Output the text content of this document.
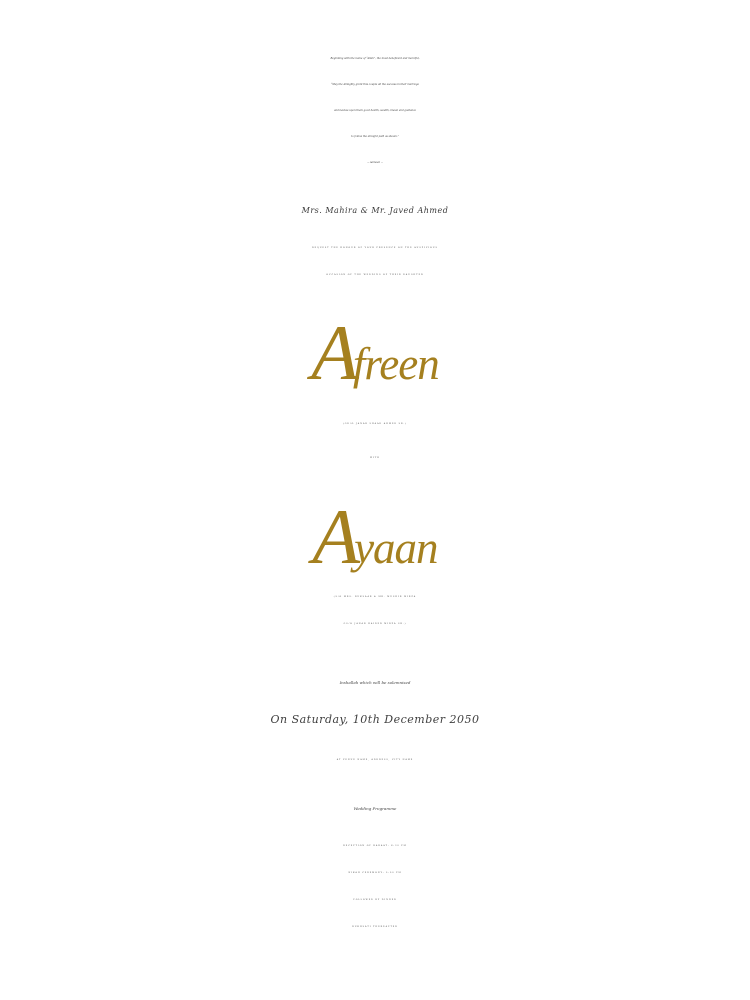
Beginning with the name of “Allah”, the most beneficent and merciful,
“May the Almighty grant this couple all the success in their marriage
and bestow upon them good health, wealth, imaan and guidance
to follow the straight path as shown.”
~ Aameen ~
Mrs. Mahira & Mr. Javed Ahmed
REQUEST THE HONOUR OF YOUR PRESENCE ON THE AUSPICIOUS
OCCASION OF THE WEDDING OF THEIR DAUGHTER
Afreen
(GD/O JANAB SHAAD AHMED SB.)
WITH
Ayaan
(S/O MRS. RUKSAAR & MR. MUSHIR MIRZA
GS/O JANAB HAIDER MIRZA SB.)
Inshallah which will be solemnised
On Saturday, 10th December 2050
AT VENUE NAME, ADDRESS, CITY NAME
Wedding Programme
RECEPTION OF BARAAT: 8:30 PM
NIKAH CEREMONY: 9:00 PM
FOLLOWED BY DINNER
RUKHSATI THEREAFTER
